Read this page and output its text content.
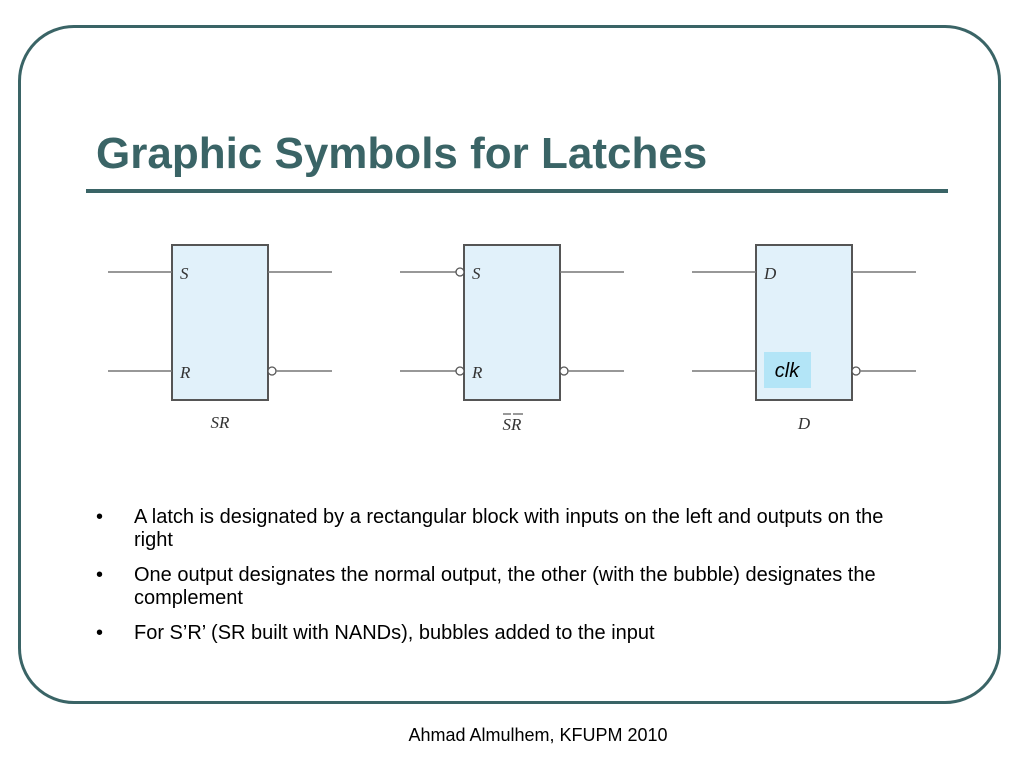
Graphic Symbols for Latches
S
R
SR
S
R
SR
D
clk
D
• A latch is designated by a rectangular block with inputs on the left and outputs on the right
• One output designates the normal output, the other (with the bubble) designates the complement
• For S’R’ (SR built with NANDs), bubbles added to the input
Ahmad Almulhem, KFUPM 2010
